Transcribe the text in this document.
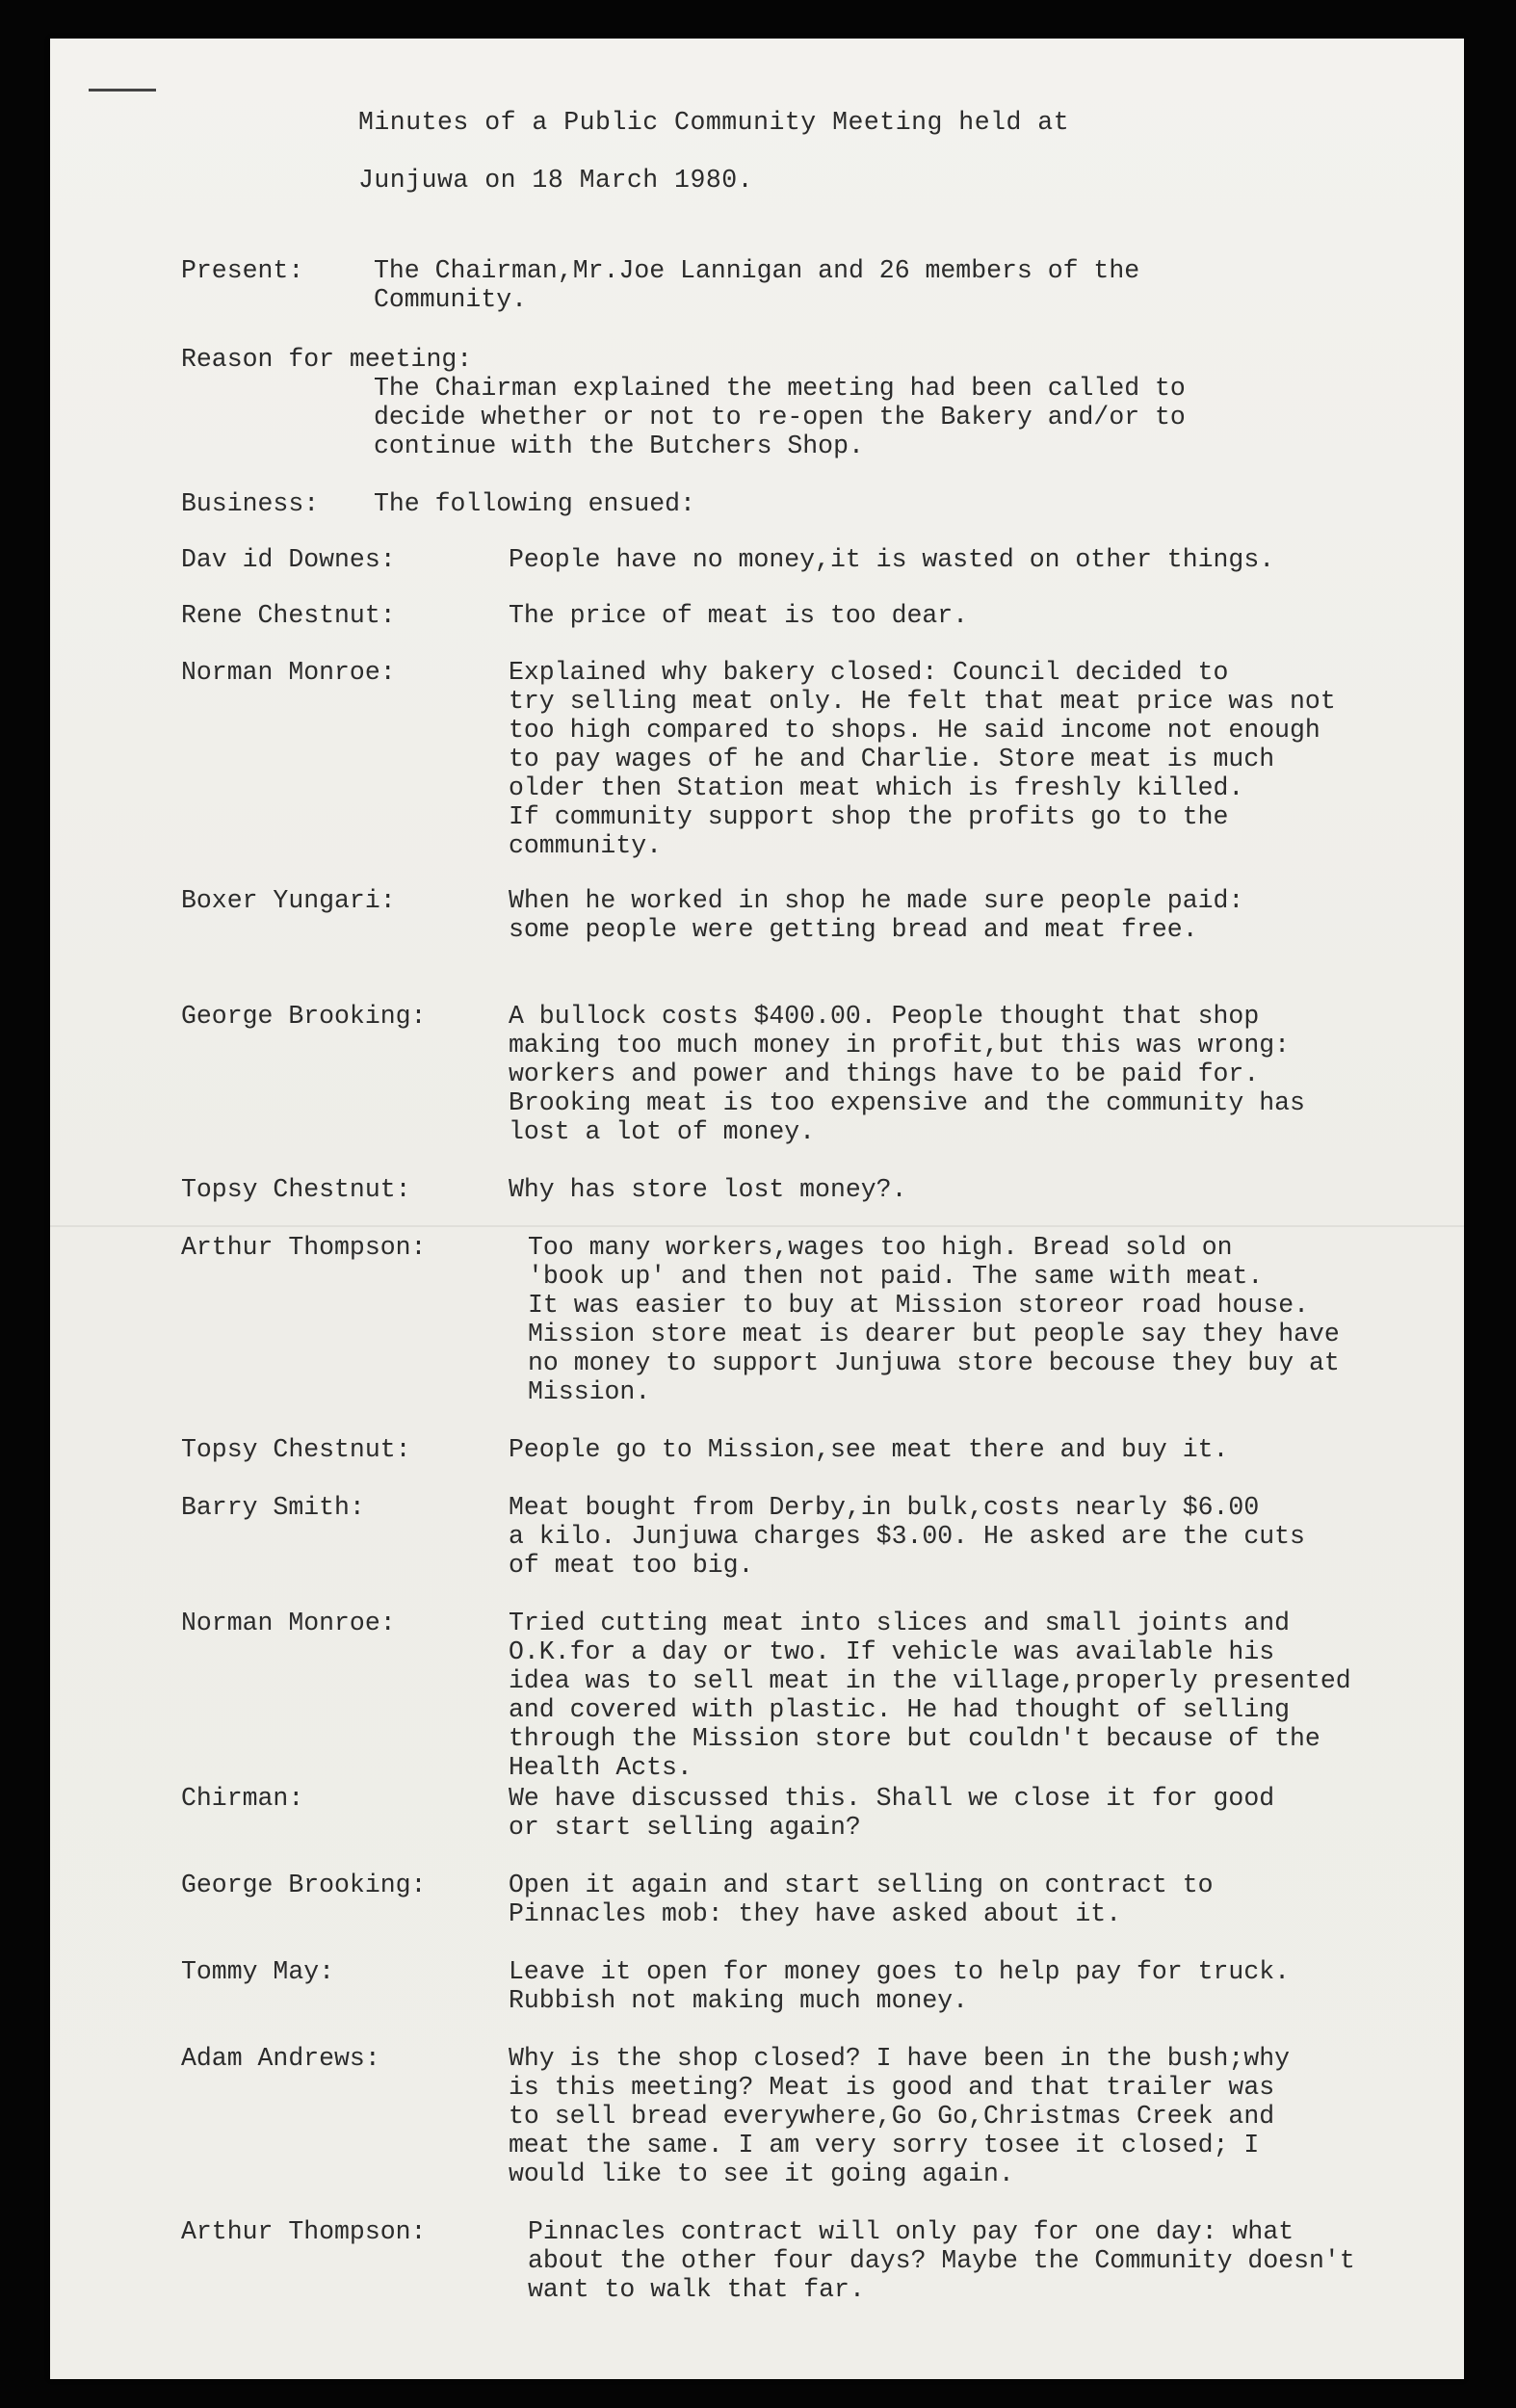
Minutes of a Public Community Meeting held at
Junjuwa on 18 March 1980.
Present:	The Chairman,Mr.Joe Lannigan and 26 members of the
Community.
Reason for meeting:
The Chairman explained the meeting had been called to
decide whether or not to re-open the Bakery and/or to
continue with the Butchers Shop.
Business: The following ensued:
Dav id Downes:	People have no money,it is wasted on other things.
Rene Chestnut:	The price of meat is too dear.
Norman Monroe:	Explained why bakery closed: Council decided to
try selling meat only. He felt that meat price was not
too high compared to shops. He said income not enough
to pay wages of he and Charlie. Store meat is much
older then Station meat which is freshly killed.
If community support shop the profits go to the
community.
Boxer Yungari:	When he worked in shop he made sure people paid:
some people were getting bread and meat free.
George Brooking:	A bullock costs $400.00. People thought that shop
making too much money in profit,but this was wrong:
workers and power and things have to be paid for.
Brooking meat is too expensive and the community has
lost a lot of money.
Topsy Chestnut:	Why has store lost money?.
Arthur Thompson:	Too many workers,wages too high. Bread sold on
'book up' and then not paid. The same with meat.
It was easier to buy at Mission storeor road house.
Mission store meat is dearer but people say they have
no money to support Junjuwa store becouse they buy at
Mission.
Topsy Chestnut:	People go to Mission,see meat there and buy it.
Barry Smith:	Meat bought from Derby,in bulk,costs nearly $6.00
a kilo. Junjuwa charges $3.00. He asked are the cuts
of meat too big.
Norman Monroe:	Tried cutting meat into slices and small joints and
O.K.for a day or two. If vehicle was available his
idea was to sell meat in the village,properly presented
and covered with plastic. He had thought of selling
through the Mission store but couldn't because of the
Health Acts.
Chirman:	We have discussed this. Shall we close it for good
or start selling again?
George Brooking:	Open it again and start selling on contract to
Pinnacles mob: they have asked about it.
Tommy May:	Leave it open for money goes to help pay for truck.
Rubbish not making much money.
Adam Andrews:	Why is the shop closed? I have been in the bush;why
is this meeting? Meat is good and that trailer was
to sell bread everywhere,Go Go,Christmas Creek and
meat the same. I am very sorry tosee it closed; I
would like to see it going again.
Arthur Thompson:	Pinnacles contract will only pay for one day: what
about the other four days? Maybe the Community doesn't
want to walk that far.
